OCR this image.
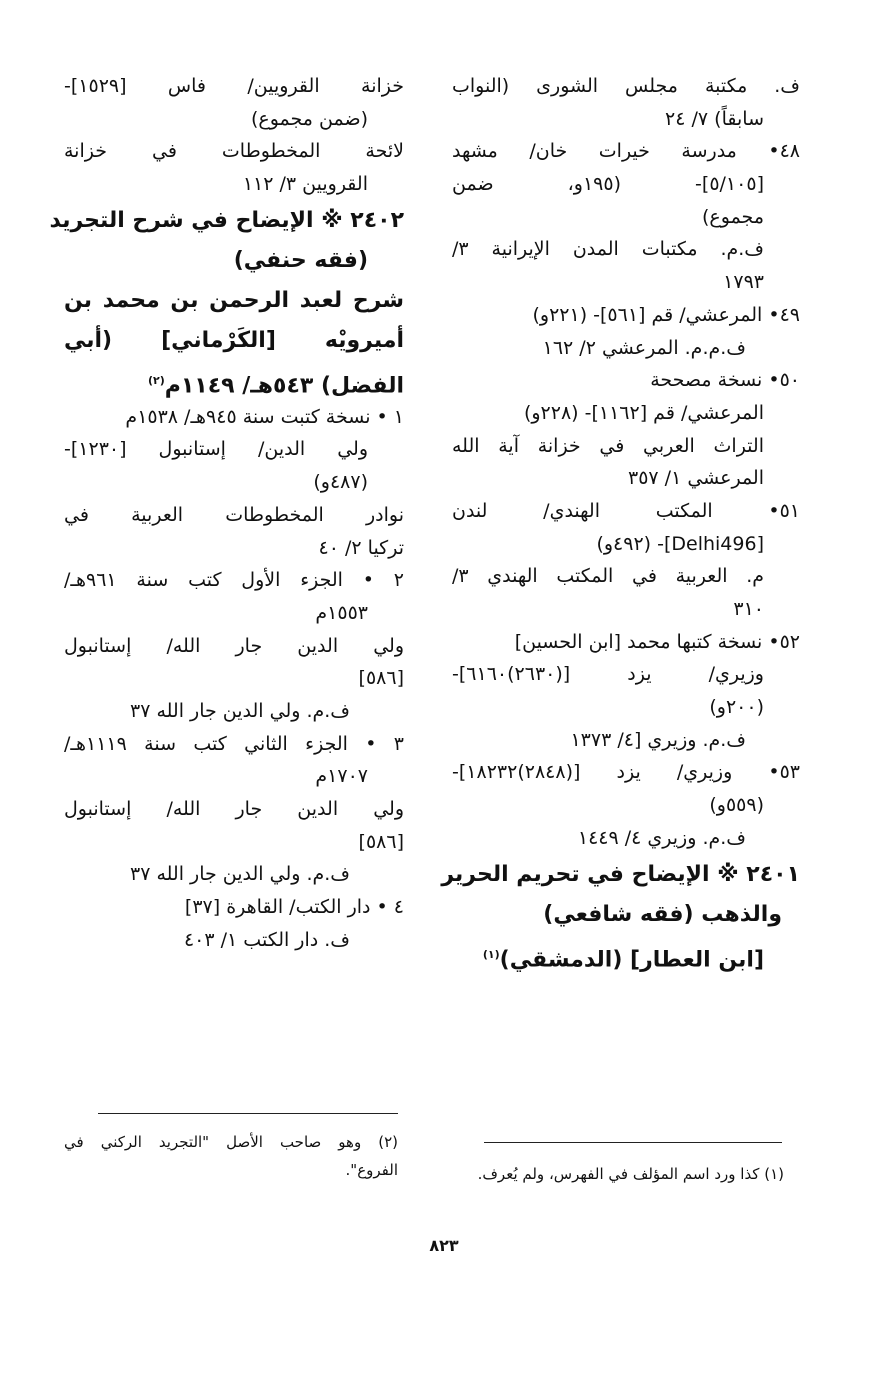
ف. مكتبة مجلس الشورى (النواب
سابقاً) ٧/ ٢٤
٤٨• مدرسة خيرات خان/ مشهد
[٥/١٠٥]- (١٩٥و، ضمن
مجموع)
ف.م. مكتبات المدن الإيرانية ٣/
١٧٩٣
٤٩• المرعشي/ قم [٥٦١]- (٢٢١و)
ف.م.م. المرعشي ٢/ ١٦٢
٥٠• نسخة مصححة
المرعشي/ قم [١١٦٢]- (٢٢٨و)
التراث العربي في خزانة آية الله
المرعشي ١/ ٣٥٧
٥١• المكتب الهندي/ لندن
[Delhi496]- (٤٩٢و)
م. العربية في المكتب الهندي ٣/
٣١٠
٥٢• نسخة كتبها محمد [ابن الحسين]
وزيري/ يزد [(٢٦٣٠)٦١٦٠]-
(٢٠٠و)
ف.م. وزيري [٤/ ١٣٧٣
٥٣• وزيري/ يزد [(٢٨٤٨)١٨٢٣٢]-
(٥٥٩و)
ف.م. وزيري ٤/ ١٤٤٩
٢٤٠١ ※ الإيضاح في تحريم الحرير
والذهب (فقه شافعي)
[ابن العطار] (الدمشقي)$^{(١)}$
خزانة القرويين/ فاس [١٥٢٩]-
(ضمن مجموع)
لائحة المخطوطات في خزانة
القرويين ٣/ ١١٢
٢٤٠٢ ※ الإيضاح في شرح التجريد
(فقه حنفي)
شرح لعبد الرحمن بن محمد بن
أميرويْه [الكَرْماني] (أبي
الفضل) ٥٤٣هـ/ ١١٤٩م$^{(٢)}$
١ • نسخة كتبت سنة ٩٤٥هـ/ ١٥٣٨م
ولي الدين/ إستانبول [١٢٣٠]-
(٤٨٧و)
نوادر المخطوطات العربية في
تركيا ٢/ ٤٠
٢ • الجزء الأول كتب سنة ٩٦١هـ/
١٥٥٣م
ولي الدين جار الله/ إستانبول
[٥٨٦]
ف.م. ولي الدين جار الله ٣٧
٣ • الجزء الثاني كتب سنة ١١١٩هـ/
١٧٠٧م
ولي الدين جار الله/ إستانبول
[٥٨٦]
ف.م. ولي الدين جار الله ٣٧
٤ • دار الكتب/ القاهرة [٣٧]
ف. دار الكتب ١/ ٤٠٣
(٢) وهو صاحب الأصل "التجريد الركني في
الفروع".	(١) كذا ورد اسم المؤلف في الفهرس، ولم يُعرف.
٨٢٣
